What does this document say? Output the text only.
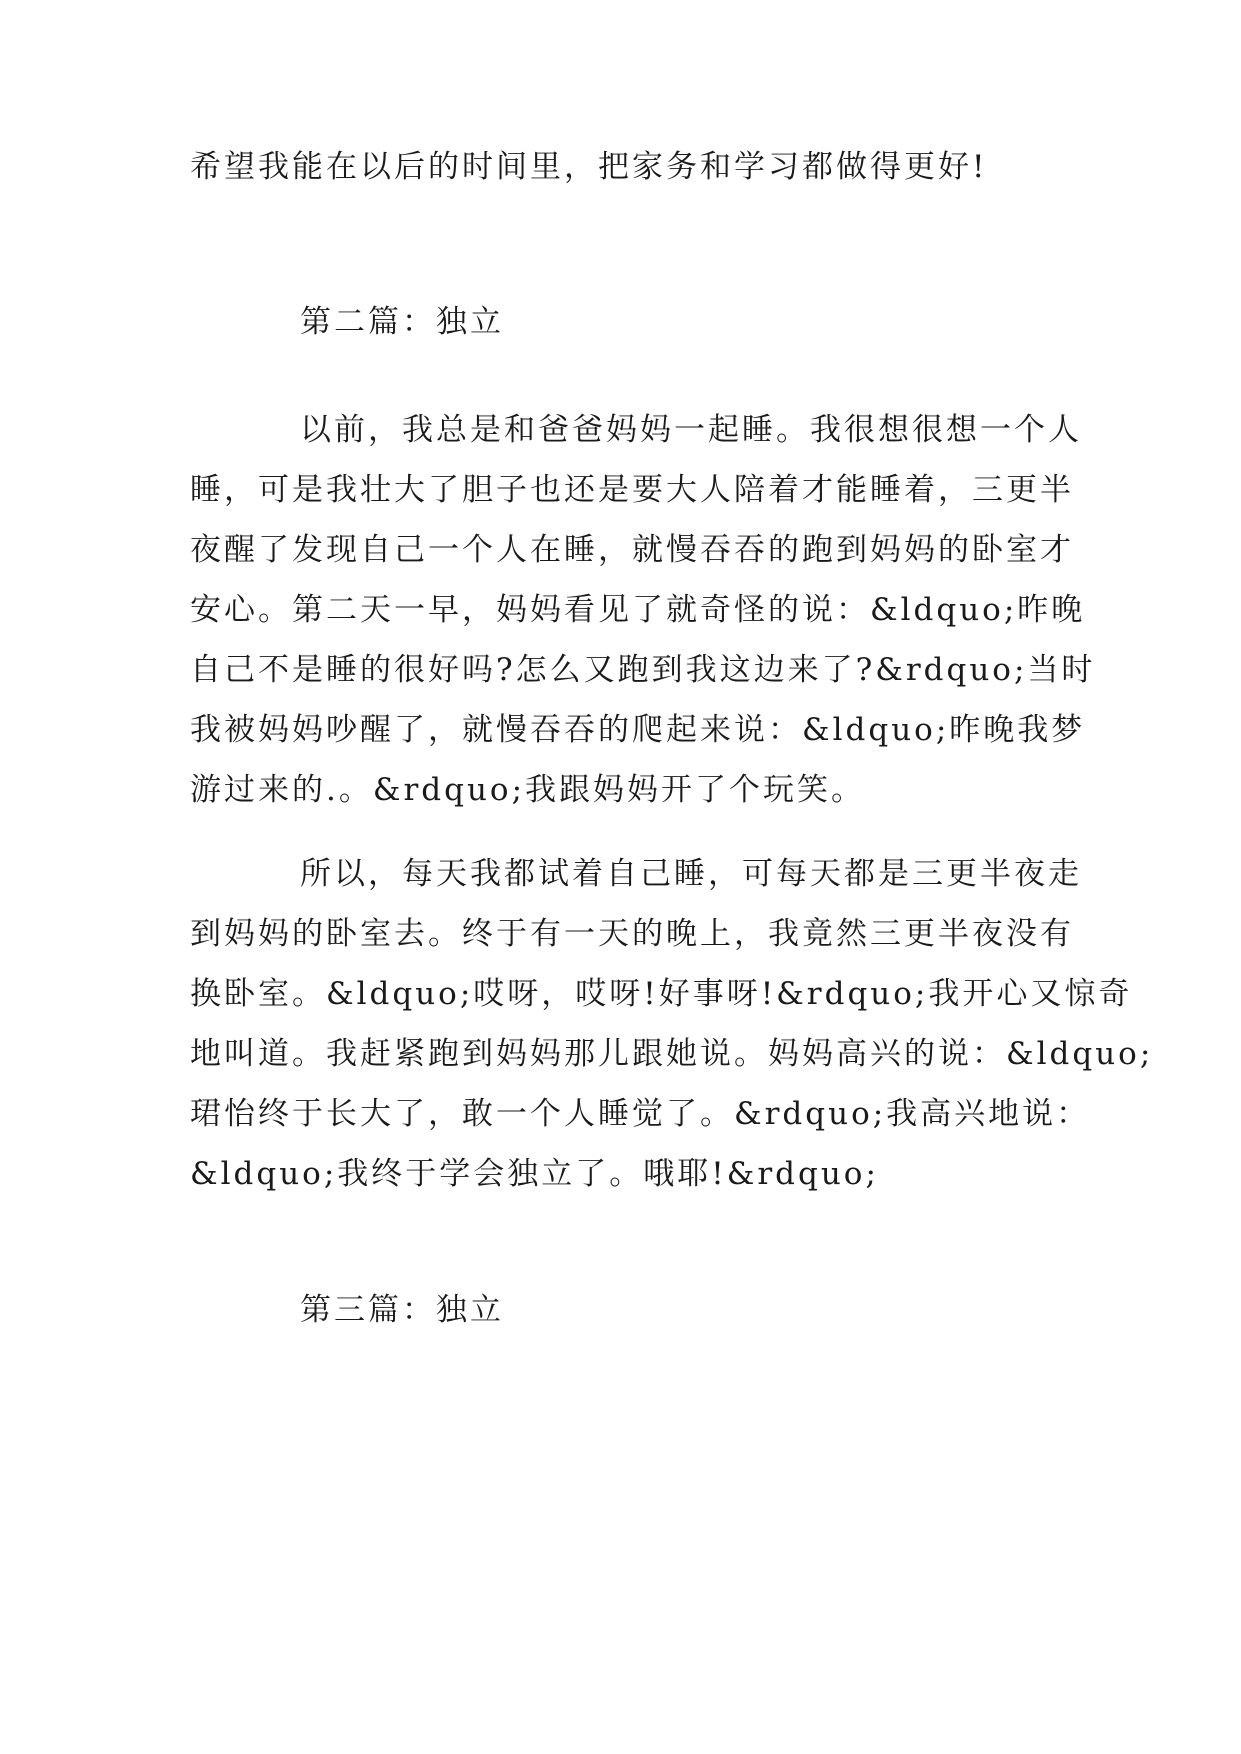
希望我能在以后的时间里，把家务和学习都做得更好!
第二篇：独立
以前，我总是和爸爸妈妈一起睡。我很想很想一个人
睡，可是我壮大了胆子也还是要大人陪着才能睡着，三更半
夜醒了发现自己一个人在睡，就慢吞吞的跑到妈妈的卧室才
安心。第二天一早，妈妈看见了就奇怪的说：&ldquo;昨晚
自己不是睡的很好吗?怎么又跑到我这边来了?&rdquo;当时
我被妈妈吵醒了，就慢吞吞的爬起来说：&ldquo;昨晚我梦
游过来的.。&rdquo;我跟妈妈开了个玩笑。
所以，每天我都试着自己睡，可每天都是三更半夜走
到妈妈的卧室去。终于有一天的晚上，我竟然三更半夜没有
换卧室。&ldquo;哎呀，哎呀!好事呀!&rdquo;我开心又惊奇
地叫道。我赶紧跑到妈妈那儿跟她说。妈妈高兴的说：&ldquo;
珺怡终于长大了，敢一个人睡觉了。&rdquo;我高兴地说：
&ldquo;我终于学会独立了。哦耶!&rdquo;
第三篇：独立
